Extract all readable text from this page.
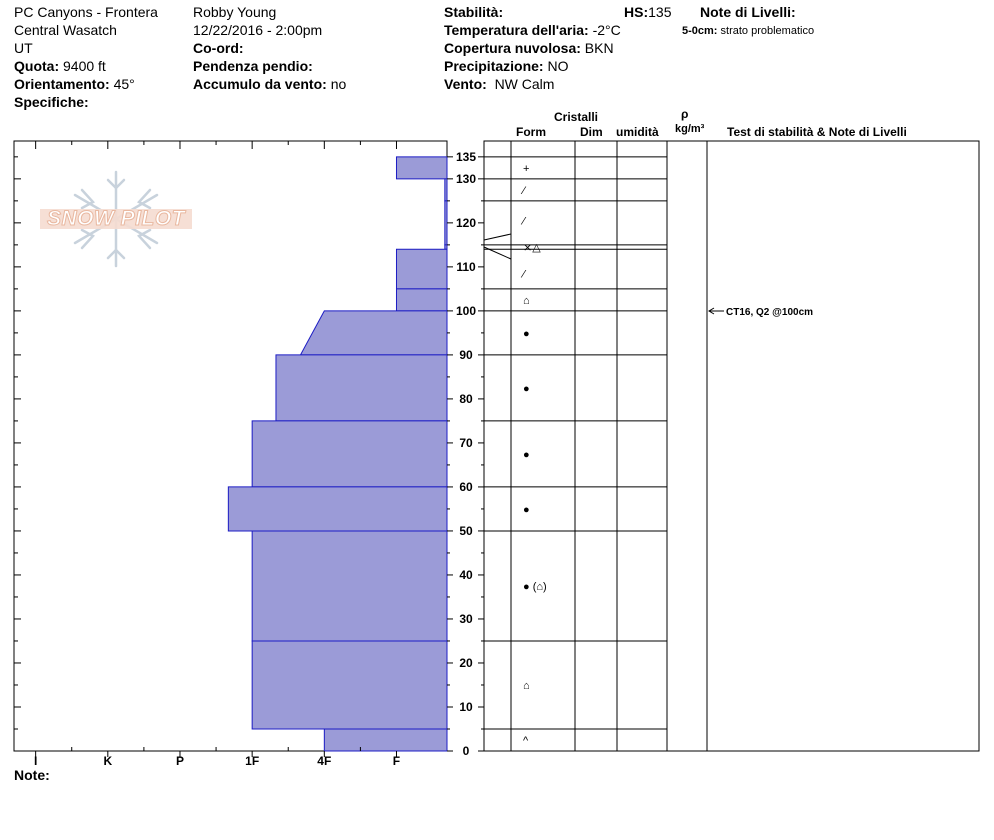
PC Canyons - Frontera
Central Wasatch
UT
Quota: 9400 ft
Orientamento: 45°
Specifiche:
Robby Young
12/22/2016 - 2:00pm
Co-ord:
Pendenza pendio:
Accumulo da vento: no
Stabilità:
Temperatura dell'aria: -2°C
Copertura nuvolosa: BKN
Precipitazione: NO
Vento: NW Calm
HS:135 Note di Livelli:
5-0cm: strato problematico
Cristalli
Form	Dim umidità
ρ
kg/m³ Test di stabilità & Note di Livelli
SNOW PILOT
I	K	P	1F	4F	F
0
10
20
30
40
50
60
70
80
90
100
110
120
130
135
+
⁄
⁄
⨯△
⁄
⌂
●
●
●
●
● (⌂)
⌂
^
CT16, Q2 @100cm
Note:
